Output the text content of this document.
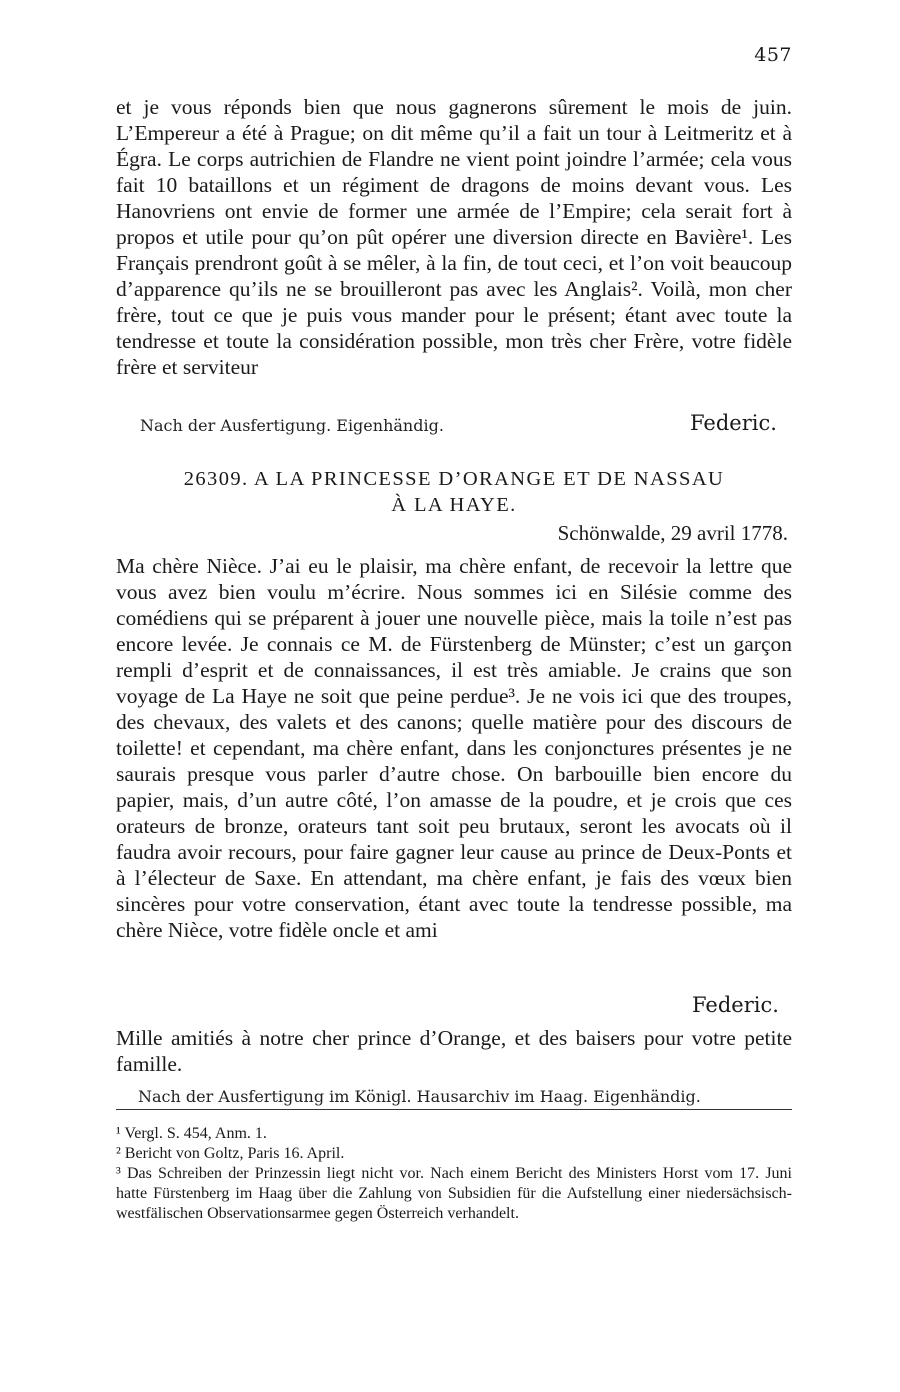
457

et je vous réponds bien que nous gagnerons sûrement le mois de juin. L’Empereur a été à Prague; on dit même qu’il a fait un tour à Leitmeritz et à Égra. Le corps autrichien de Flandre ne vient point joindre l’armée; cela vous fait 10 bataillons et un régiment de dragons de moins devant vous. Les Hanovriens ont envie de former une armée de l’Empire; cela serait fort à propos et utile pour qu’on pût opérer une diversion directe en Bavière¹. Les Français prendront goût à se mêler, à la fin, de tout ceci, et l’on voit beaucoup d’apparence qu’ils ne se brouilleront pas avec les Anglais². Voilà, mon cher frère, tout ce que je puis vous mander pour le présent; étant avec toute la tendresse et toute la considération possible, mon très cher Frère, votre fidèle frère et serviteur

Nach der Ausfertigung. Eigenhändig.	Federic.
26309. A LA PRINCESSE D’ORANGE ET DE NASSAU
À LA HAYE.
Schönwalde, 29 avril 1778.

Ma chère Nièce. J’ai eu le plaisir, ma chère enfant, de recevoir la lettre que vous avez bien voulu m’écrire. Nous sommes ici en Silésie comme des comédiens qui se préparent à jouer une nouvelle pièce, mais la toile n’est pas encore levée. Je connais ce M. de Fürstenberg de Münster; c’est un garçon rempli d’esprit et de connaissances, il est très amiable. Je crains que son voyage de La Haye ne soit que peine perdue³. Je ne vois ici que des troupes, des chevaux, des valets et des canons; quelle matière pour des discours de toilette! et cependant, ma chère enfant, dans les conjonctures présentes je ne saurais presque vous parler d’autre chose. On barbouille bien encore du papier, mais, d’un autre côté, l’on amasse de la poudre, et je crois que ces orateurs de bronze, orateurs tant soit peu brutaux, seront les avocats où il faudra avoir recours, pour faire gagner leur cause au prince de Deux-Ponts et à l’électeur de Saxe. En attendant, ma chère enfant, je fais des vœux bien sincères pour votre conservation, étant avec toute la tendresse possible, ma chère Nièce, votre fidèle oncle et ami

Federic.

Mille amitiés à notre cher prince d’Orange, et des baisers pour votre petite famille.

Nach der Ausfertigung im Königl. Hausarchiv im Haag. Eigenhändig.

¹ Vergl. S. 454, Anm. 1.

² Bericht von Goltz, Paris 16. April.

³ Das Schreiben der Prinzessin liegt nicht vor. Nach einem Bericht des Ministers Horst vom 17. Juni hatte Fürstenberg im Haag über die Zahlung von Subsidien für die Aufstellung einer niedersächsisch-westfälischen Observationsarmee gegen Österreich verhandelt.
